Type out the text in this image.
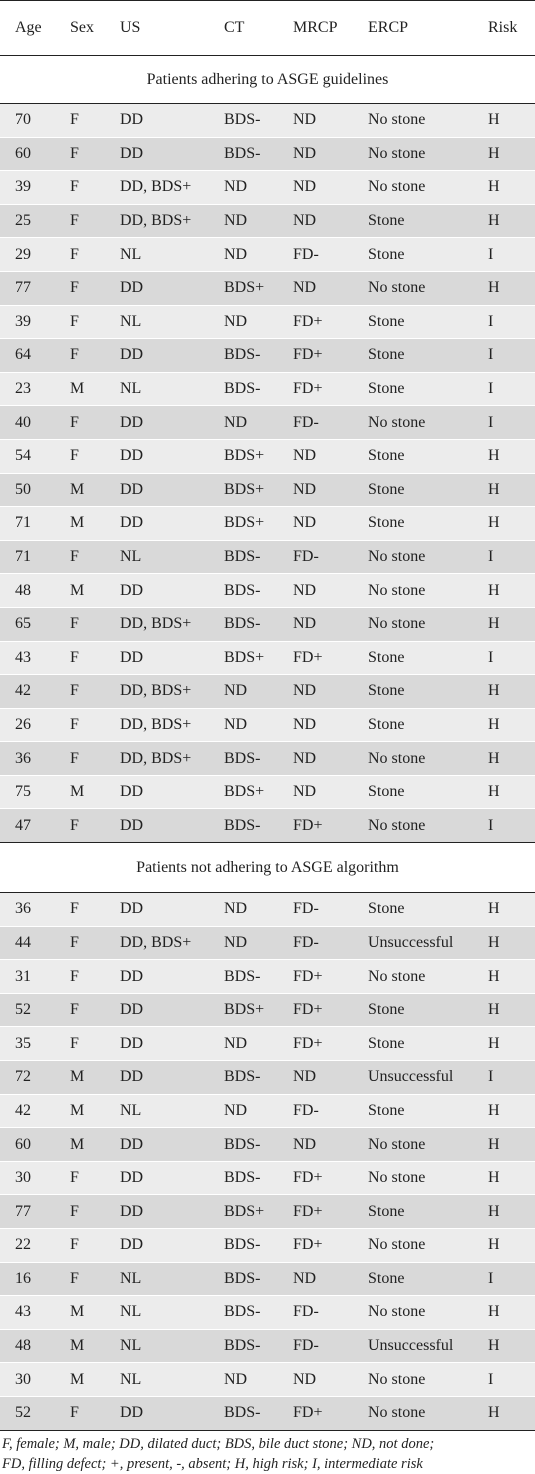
Age	Sex	US	CT	MRCP	ERCP	Risk
Patients adhering to ASGE guidelines						
70	F	DD	BDS-	ND	No stone	H
60	F	DD	BDS-	ND	No stone	H
39	F	DD, BDS+	ND	ND	No stone	H
25	F	DD, BDS+	ND	ND	Stone	H
29	F	NL	ND	FD-	Stone	I
77	F	DD	BDS+	ND	No stone	H
39	F	NL	ND	FD+	Stone	I
64	F	DD	BDS-	FD+	Stone	I
23	M	NL	BDS-	FD+	Stone	I
40	F	DD	ND	FD-	No stone	I
54	F	DD	BDS+	ND	Stone	H
50	M	DD	BDS+	ND	Stone	H
71	M	DD	BDS+	ND	Stone	H
71	F	NL	BDS-	FD-	No stone	I
48	M	DD	BDS-	ND	No stone	H
65	F	DD, BDS+	BDS-	ND	No stone	H
43	F	DD	BDS+	FD+	Stone	I
42	F	DD, BDS+	ND	ND	Stone	H
26	F	DD, BDS+	ND	ND	Stone	H
36	F	DD, BDS+	BDS-	ND	No stone	H
75	M	DD	BDS+	ND	Stone	H
47	F	DD	BDS-	FD+	No stone	I
Patients not adhering to ASGE algorithm						
36	F	DD	ND	FD-	Stone	H
44	F	DD, BDS+	ND	FD-	Unsuccessful	H
31	F	DD	BDS-	FD+	No stone	H
52	F	DD	BDS+	FD+	Stone	H
35	F	DD	ND	FD+	Stone	H
72	M	DD	BDS-	ND	Unsuccessful	I
42	M	NL	ND	FD-	Stone	H
60	M	DD	BDS-	ND	No stone	H
30	F	DD	BDS-	FD+	No stone	H
77	F	DD	BDS+	FD+	Stone	H
22	F	DD	BDS-	FD+	No stone	H
16	F	NL	BDS-	ND	Stone	I
43	M	NL	BDS-	FD-	No stone	H
48	M	NL	BDS-	FD-	Unsuccessful	H
30	M	NL	ND	ND	No stone	I
52	F	DD	BDS-	FD+	No stone	H
F, female; M, male; DD, dilated duct; BDS, bile duct stone; ND, not done;
FD, filling defect; +, present, -, absent; H, high risk; I, intermediate risk
